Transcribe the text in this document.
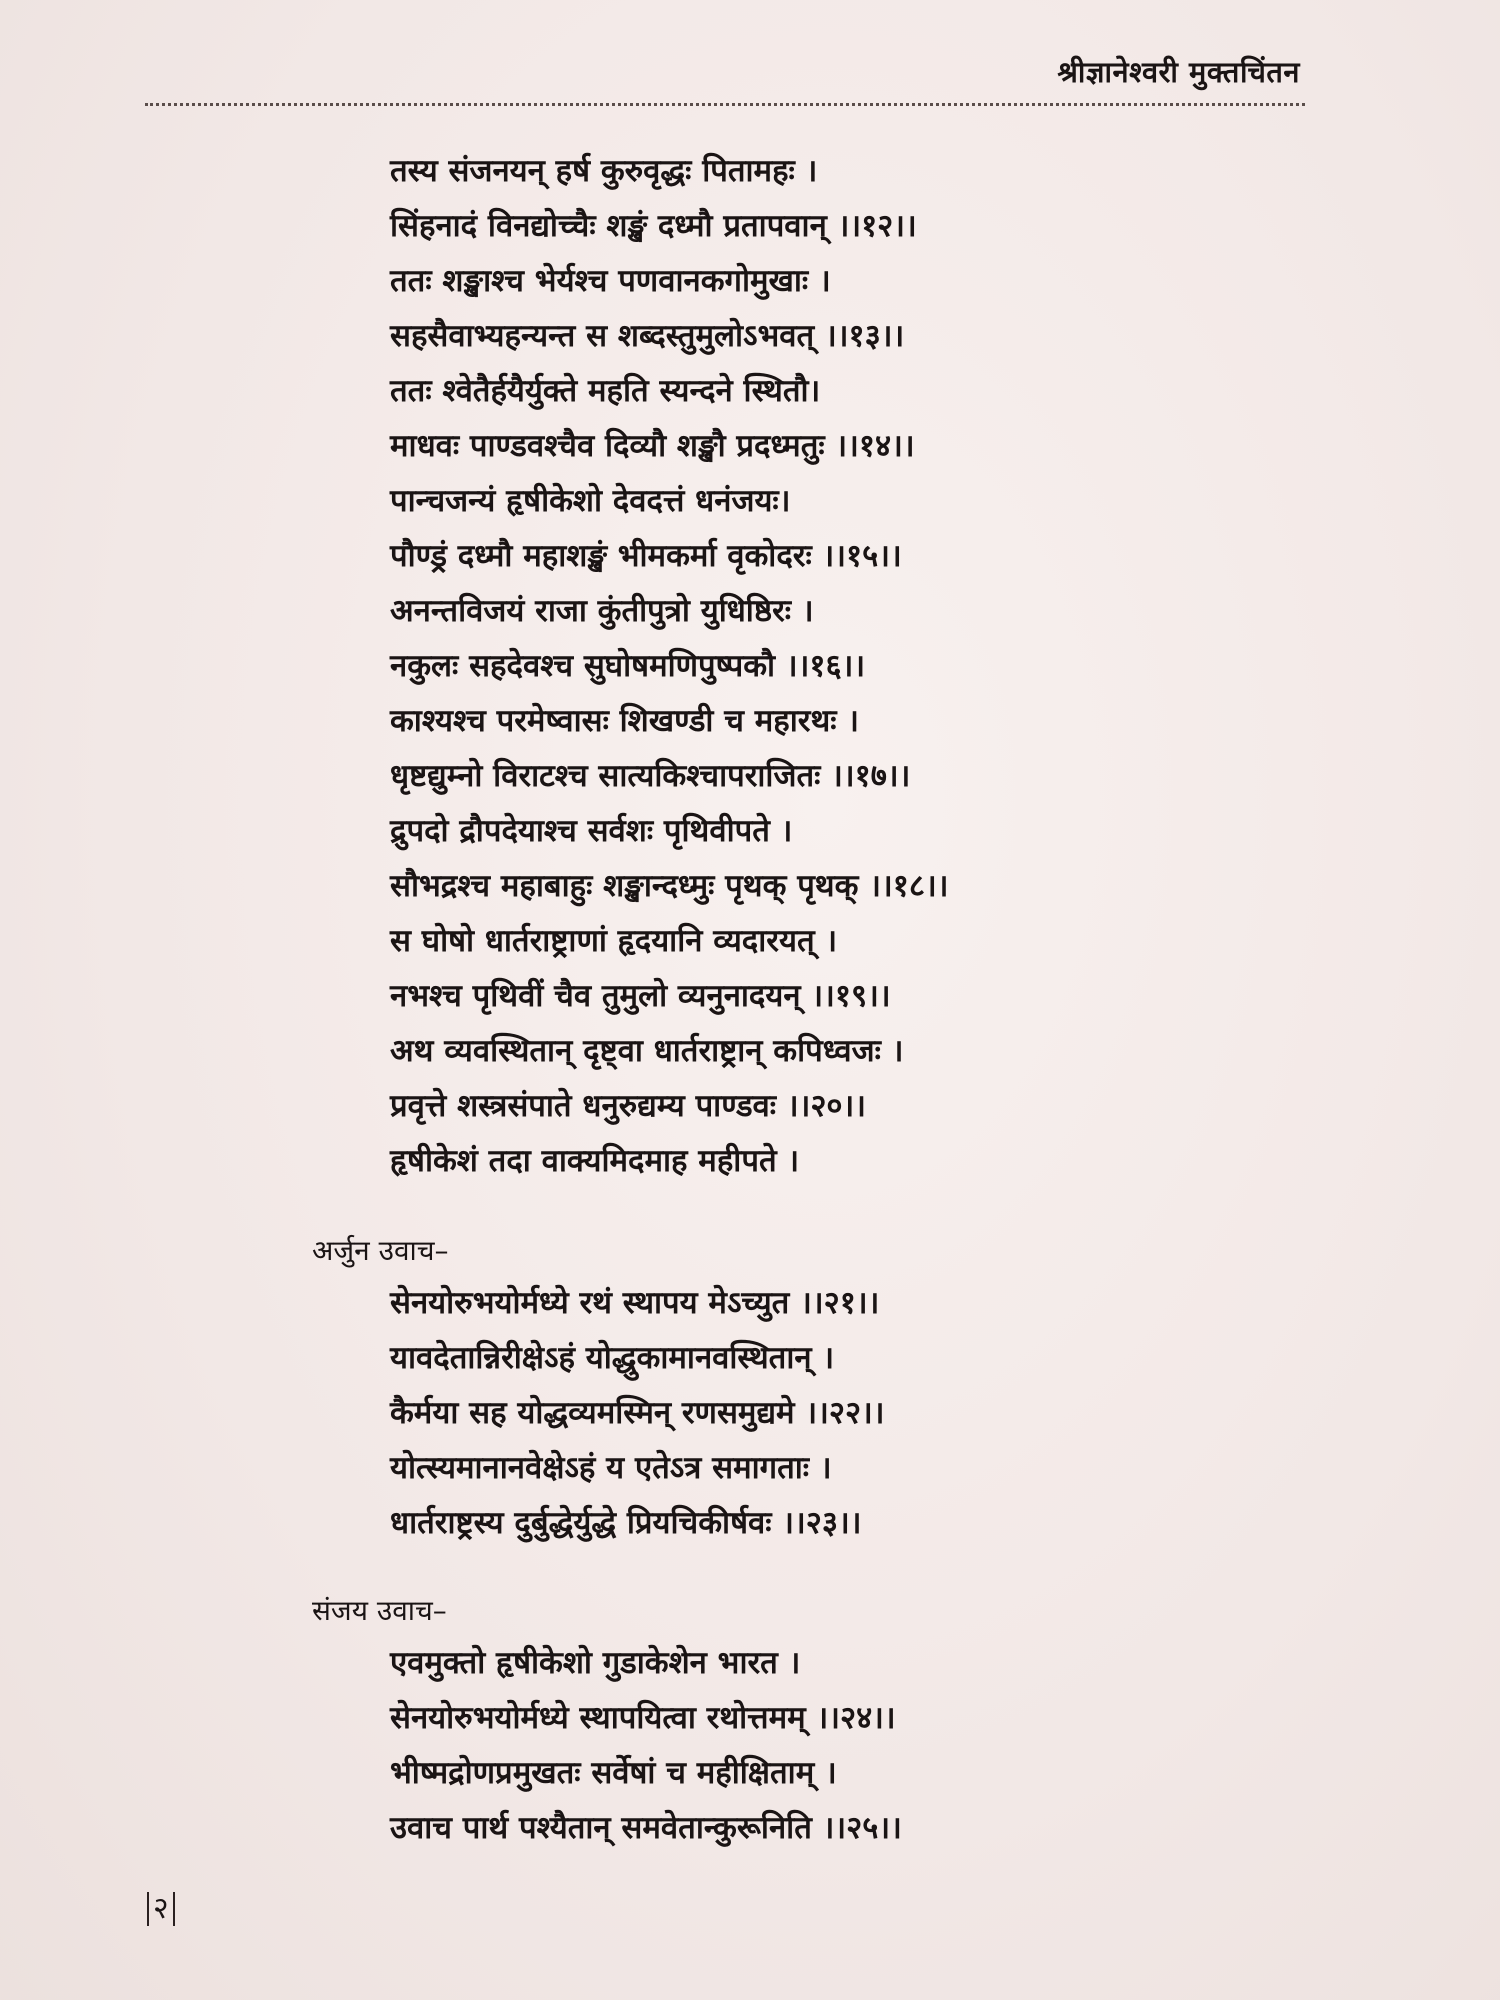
श्रीज्ञानेश्वरी मुक्तचिंतन
तस्य संजनयन् हर्ष कुरुवृद्धः पितामहः ।
सिंहनादं विनद्योच्चैः शङ्खं दध्मौ प्रतापवान् ।।१२।।
ततः शङ्खाश्च भेर्यश्च पणवानकगोमुखाः ।
सहसैवाभ्यहन्यन्त स शब्दस्तुमुलोऽभवत् ।।१३।।
ततः श्वेतैर्हयैर्युक्ते महति स्यन्दने स्थितौ।
माधवः पाण्डवश्चैव दिव्यौ शङ्खौ प्रदध्मतुः ।।१४।।
पान्चजन्यं हृषीकेशो देवदत्तं धनंजयः।
पौण्ड्रं दध्मौ महाशङ्खं भीमकर्मा वृकोदरः ।।१५।।
अनन्तविजयं राजा कुंतीपुत्रो युधिष्ठिरः ।
नकुलः सहदेवश्च सुघोषमणिपुष्पकौ ।।१६।।
काश्यश्च परमेष्वासः शिखण्डी च महारथः ।
धृष्टद्युम्नो विराटश्च सात्यकिश्चापराजितः ।।१७।।
द्रुपदो द्रौपदेयाश्च सर्वशः पृथिवीपते ।
सौभद्रश्च महाबाहुः शङ्खान्दध्मुः पृथक् पृथक् ।।१८।।
स घोषो धार्तराष्ट्राणां हृदयानि व्यदारयत् ।
नभश्च पृथिवीं चैव तुमुलो व्यनुनादयन् ।।१९।।
अथ व्यवस्थितान् दृष्ट्वा धार्तराष्ट्रान् कपिध्वजः ।
प्रवृत्ते शस्त्रसंपाते धनुरुद्यम्य पाण्डवः ।।२०।।
हृषीकेशं तदा वाक्यमिदमाह महीपते ।
अर्जुन उवाच–
सेनयोरुभयोर्मध्ये रथं स्थापय मेऽच्युत ।।२१।।
यावदेतान्निरीक्षेऽहं योद्धुकामानवस्थितान् ।
कैर्मया सह योद्धव्यमस्मिन् रणसमुद्यमे ।।२२।।
योत्स्यमानानवेक्षेऽहं य एतेऽत्र समागताः ।
धार्तराष्ट्रस्य दुर्बुद्धेर्युद्धे प्रियचिकीर्षवः ।।२३।।
संजय उवाच–
एवमुक्तो हृषीकेशो गुडाकेशेन भारत ।
सेनयोरुभयोर्मध्ये स्थापयित्वा रथोत्तमम् ।।२४।।
भीष्मद्रोणप्रमुखतः सर्वेषां च महीक्षिताम् ।
उवाच पार्थ पश्यैतान् समवेतान्कुरूनिति ।।२५।।
२
